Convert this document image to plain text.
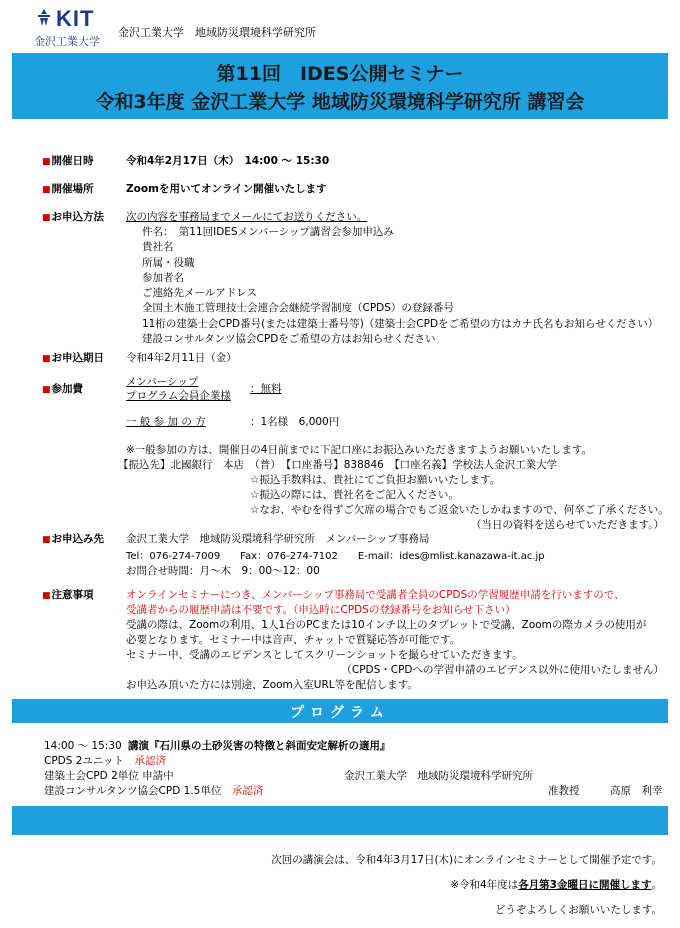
KIT
金沢工業大学
金沢工業大学　地域防災環境科学研究所
第11回　IDES公開セミナー
令和3年度 金沢工業大学 地域防災環境科学研究所 講習会
■開催日時	令和4年2月17日（木）　14:00 ～ 15:30
■開催場所	Zoomを用いてオンライン開催いたします
■お申込方法 次の内容を事務局までメールにてお送りください。
件名：　第11回IDESメンバーシップ講習会参加申込み
貴社名
所属・役職
参加者名
ご連絡先メールアドレス
全国土木施工管理技士会連合会継続学習制度（CPDS）の登録番号
11桁の建築士会CPD番号(または建築士番号等)（建築士会CPDをご希望の方はカナ氏名もお知らせください）
建設コンサルタンツ協会CPDをご希望の方はお知らせください
■お申込期日 令和4年2月11日（金）
■参加費
メンバーシップ
プログラム会員企業様
：無料
一 般 参 加 の 方	：1名様　6,000円
※一般参加の方は、開催日の4日前までに下記口座にお振込みいただきますようお願いいたします。
【振込先】北國銀行　本店　（普）　【口座番号】838846　【口座名義】学校法人金沢工業大学
☆振込手数料は、貴社にてご負担お願いいたします。
☆振込の際には、貴社名をご記入ください。
☆なお、やむを得ずご欠席の場合でもご返金いたしかねますので、何卒ご了承ください。
（当日の資料を送らせていただきます。）
■お申込み先 金沢工業大学　地域防災環境科学研究所　メンバーシップ事務局
Tel：076-274-7009　　Fax：076-274-7102　　E-mail：ides@mlist.kanazawa-it.ac.jp
お問合せ時間：月～木　9：00～12：00
■注意事項	オンラインセミナーにつき、メンバーシップ事務局で受講者全員のCPDSの学習履歴申請を行いますので、
受講者からの履歴申請は不要です。（申込時にCPDSの登録番号をお知らせ下さい）
受講の際は、Zoomの利用、1人1台のPCまたは10インチ以上のタブレットで受講、Zoomの際カメラの使用が
必要となります。セミナー中は音声、チャットで質疑応答が可能です。
セミナー中、受講のエビデンスとしてスクリーンショットを撮らせていただきます。
（CPDS・CPDへの学習申請のエビデンス以外に使用いたしません）
お申込み頂いた方には別途、Zoom入室URL等を配信します。
プログラム
14:00 ～ 15:30 講演『石川県の土砂災害の特徴と斜面安定解析の適用』
CPDS 2ユニット　 承認済
建築士会CPD 2単位 申請中
建設コンサルタンツ協会CPD 1.5単位　 承認済
金沢工業大学　地域防災環境科学研究所
准教授	高原　利幸
次回の講演会は、令和4年3月17日(木)にオンラインセミナーとして開催予定です。
※令和4年度は各月第3金曜日に開催します。
どうぞよろしくお願いいたします。
